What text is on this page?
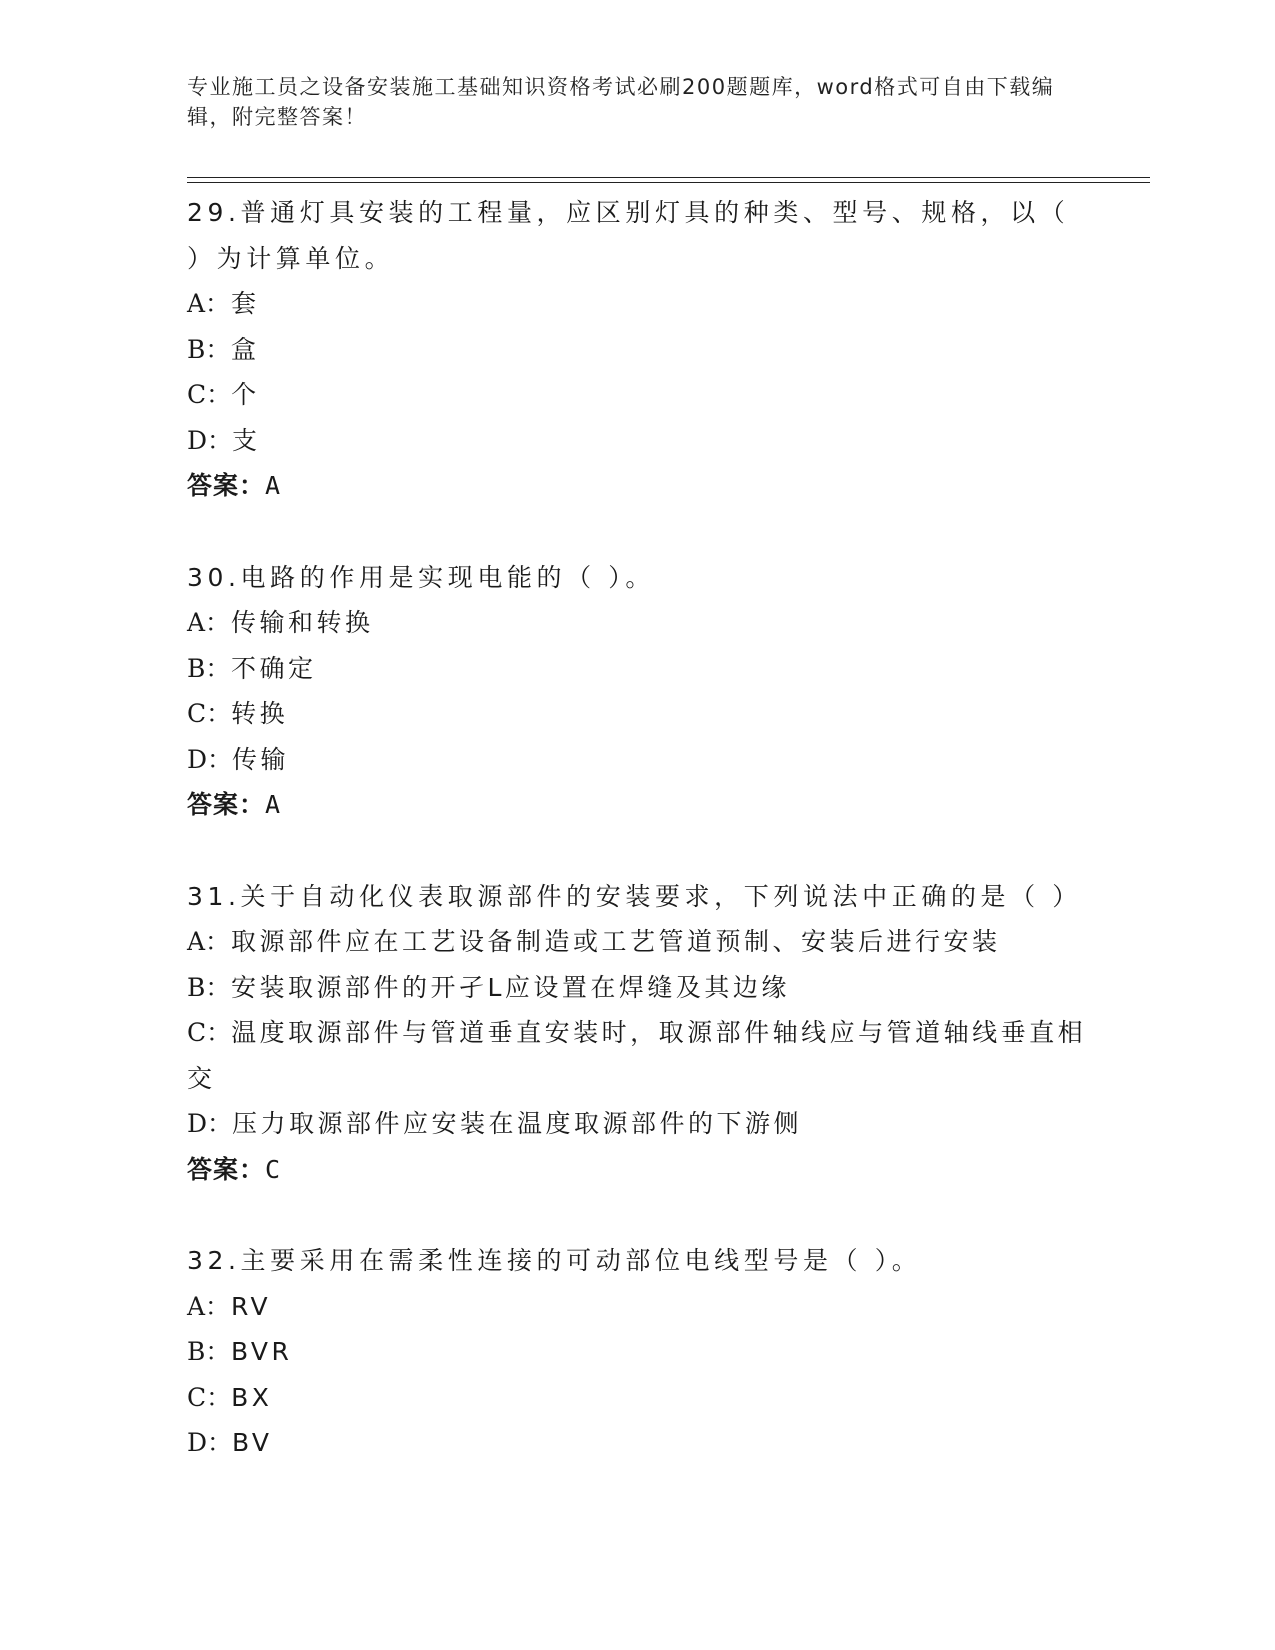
专业施工员之设备安装施工基础知识资格考试必刷200题题库，word格式可自由下载编辑，附完整答案！
29.普通灯具安装的工程量，应区别灯具的种类、型号、规格，以（ ）为计算单位。
A：套
B：盒
C：个
D：支
答案：A
30.电路的作用是实现电能的（ ）。
A：传输和转换
B：不确定
C：转换
D：传输
答案：A
31.关于自动化仪表取源部件的安装要求，下列说法中正确的是（ ）
A：取源部件应在工艺设备制造或工艺管道预制、安装后进行安装
B：安装取源部件的开孑L应设置在焊缝及其边缘
C：温度取源部件与管道垂直安装时，取源部件轴线应与管道轴线垂直相交
D：压力取源部件应安装在温度取源部件的下游侧
答案：C
32.主要采用在需柔性连接的可动部位电线型号是（ ）。
A：RV
B：BVR
C：BX
D：BV
